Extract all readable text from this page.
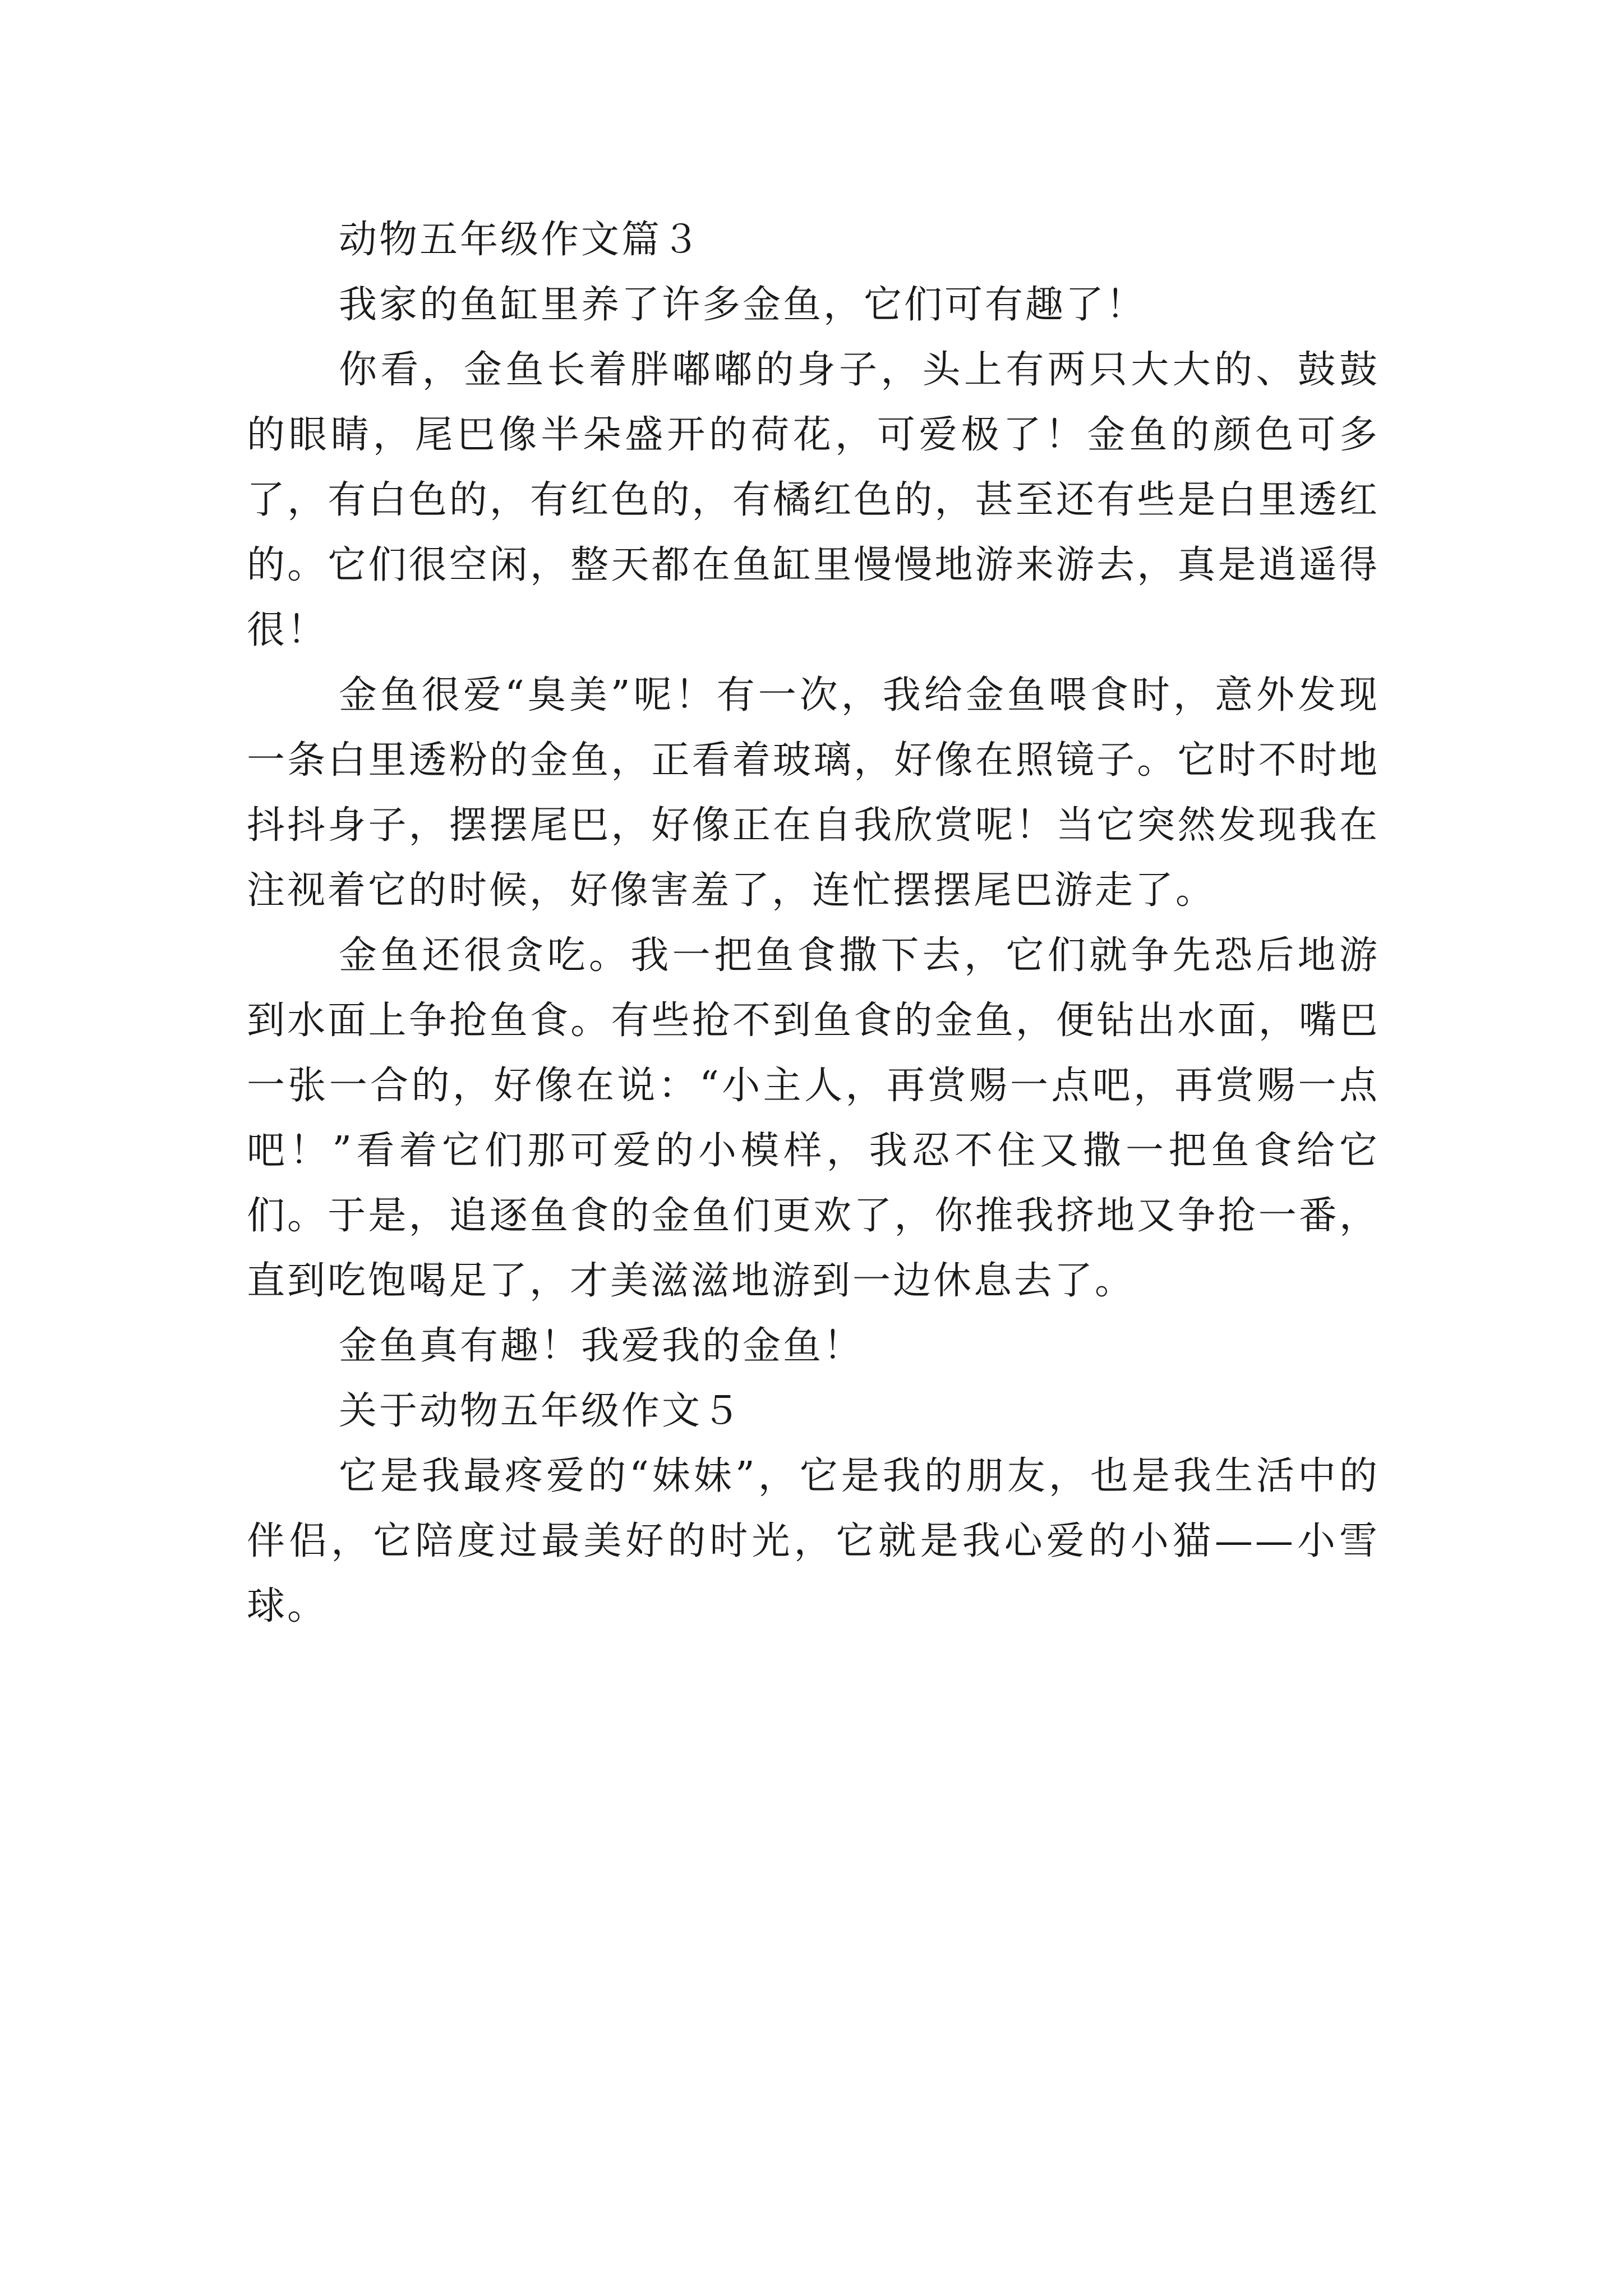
动物五年级作文篇３

我家的鱼缸里养了许多金鱼，它们可有趣了！

你看，金鱼长着胖嘟嘟的身子，头上有两只大大的、鼓鼓的眼睛，尾巴像半朵盛开的荷花，可爱极了！金鱼的颜色可多了，有白色的，有红色的，有橘红色的，甚至还有些是白里透红的。它们很空闲，整天都在鱼缸里慢慢地游来游去，真是逍遥得很！

金鱼很爱“臭美”呢！有一次，我给金鱼喂食时，意外发现一条白里透粉的金鱼，正看着玻璃，好像在照镜子。它时不时地抖抖身子，摆摆尾巴，好像正在自我欣赏呢！当它突然发现我在注视着它的时候，好像害羞了，连忙摆摆尾巴游走了。

金鱼还很贪吃。我一把鱼食撒下去，它们就争先恐后地游到水面上争抢鱼食。有些抢不到鱼食的金鱼，便钻出水面，嘴巴一张一合的，好像在说：“小主人，再赏赐一点吧，再赏赐一点吧！”看着它们那可爱的小模样，我忍不住又撒一把鱼食给它们。于是，追逐鱼食的金鱼们更欢了，你推我挤地又争抢一番，直到吃饱喝足了，才美滋滋地游到一边休息去了。

金鱼真有趣！我爱我的金鱼！

关于动物五年级作文５

它是我最疼爱的“妹妹”，它是我的朋友，也是我生活中的伴侣，它陪度过最美好的时光，它就是我心爱的小猫——小雪球。
